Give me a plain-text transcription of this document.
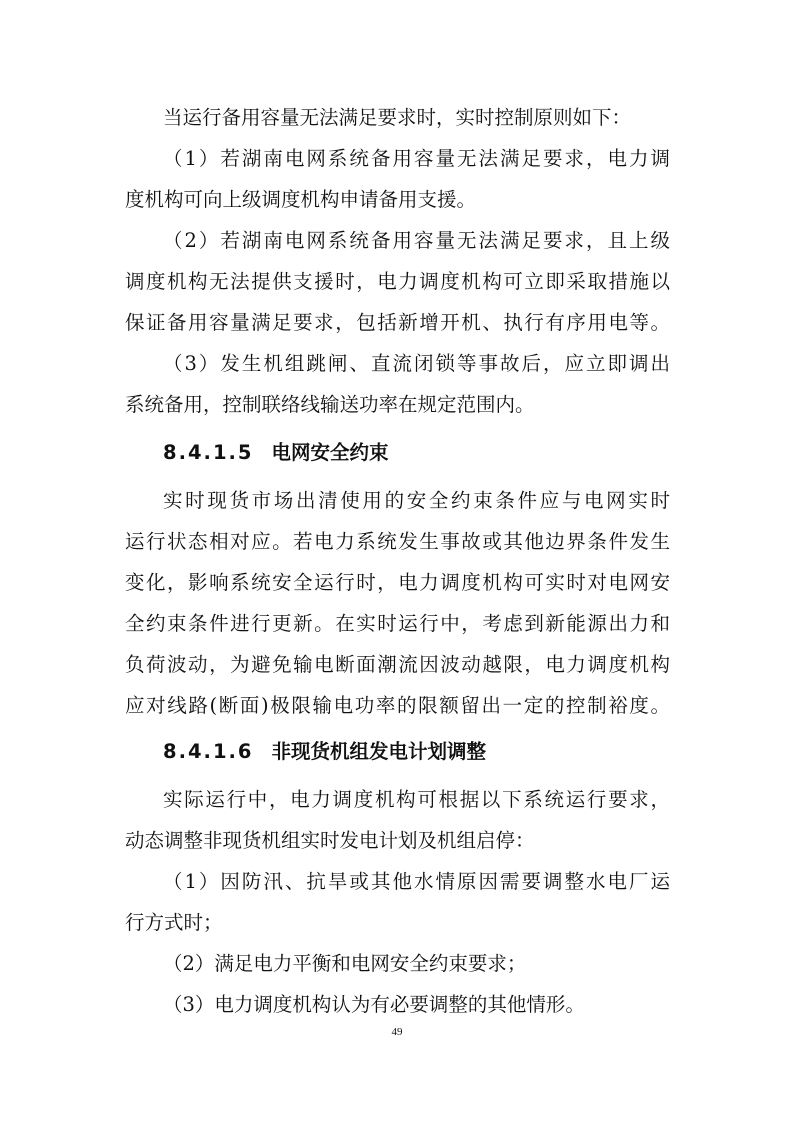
当运行备用容量无法满足要求时，实时控制原则如下：
（1）若湖南电网系统备用容量无法满足要求，电力调
度机构可向上级调度机构申请备用支援。
（2）若湖南电网系统备用容量无法满足要求，且上级
调度机构无法提供支援时，电力调度机构可立即采取措施以
保证备用容量满足要求，包括新增开机、执行有序用电等。
（3）发生机组跳闸、直流闭锁等事故后，应立即调出
系统备用，控制联络线输送功率在规定范围内。
8.4.1.5 电网安全约束
实时现货市场出清使用的安全约束条件应与电网实时
运行状态相对应。若电力系统发生事故或其他边界条件发生
变化，影响系统安全运行时，电力调度机构可实时对电网安
全约束条件进行更新。在实时运行中，考虑到新能源出力和
负荷波动，为避免输电断面潮流因波动越限，电力调度机构
应对线路(断面)极限输电功率的限额留出一定的控制裕度。
8.4.1.6 非现货机组发电计划调整
实际运行中，电力调度机构可根据以下系统运行要求，
动态调整非现货机组实时发电计划及机组启停：
（1）因防汛、抗旱或其他水情原因需要调整水电厂运
行方式时；
（2）满足电力平衡和电网安全约束要求；
（3）电力调度机构认为有必要调整的其他情形。
49
